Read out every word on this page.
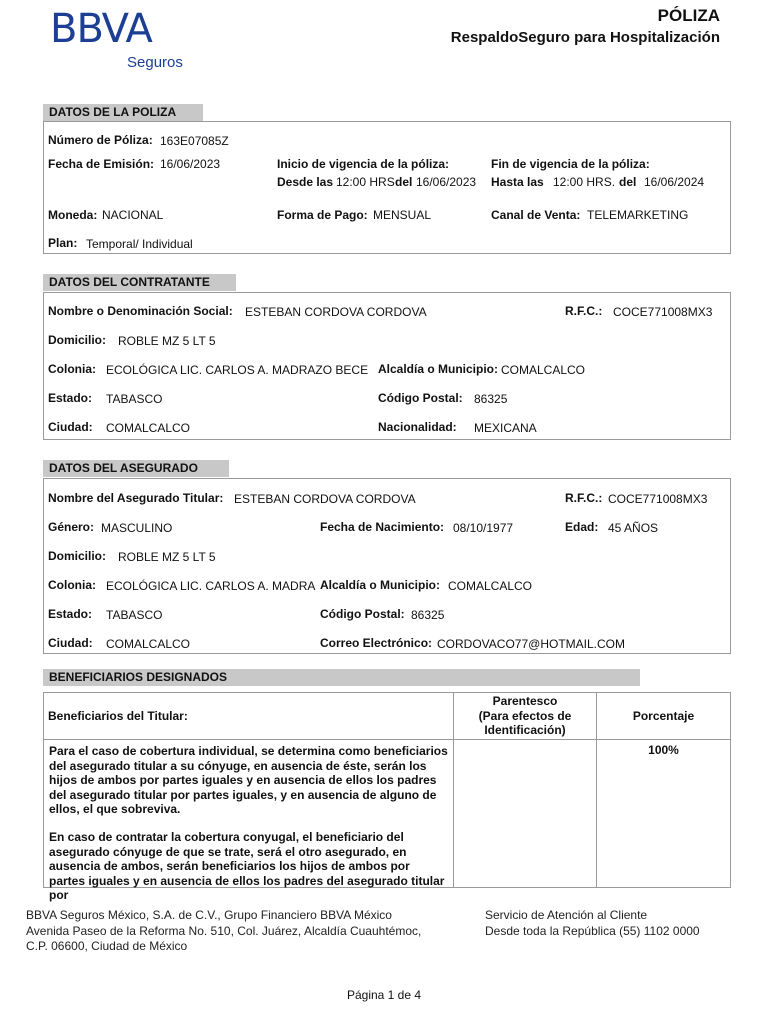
BBVA
Seguros
PÓLIZA
RespaldoSeguro para Hospitalización
DATOS DE LA POLIZA
Número de Póliza: 163E07085Z
Fecha de Emisión: 16/06/2023	Inicio de vigencia de la póliza:
Desde las 12:00 HRS del 16/06/2023
Fin de vigencia de la póliza:
Hasta las 12:00 HRS. del 16/06/2024
Moneda: NACIONAL	Forma de Pago: MENSUAL	Canal de Venta: TELEMARKETING
Plan: Temporal/ Individual
DATOS DEL CONTRATANTE
Nombre o Denominación Social: ESTEBAN CORDOVA CORDOVA	R.F.C.: COCE771008MX3
Domicilio: ROBLE MZ 5 LT 5
Colonia: ECOLÓGICA LIC. CARLOS A. MADRAZO BECE Alcaldía o Municipio: COMALCALCO
Estado: TABASCO	Código Postal: 86325
Ciudad: COMALCALCO	Nacionalidad: MEXICANA
DATOS DEL ASEGURADO
Nombre del Asegurado Titular: ESTEBAN CORDOVA CORDOVA	R.F.C.: COCE771008MX3
Género: MASCULINO	Fecha de Nacimiento: 08/10/1977	Edad: 45 AÑOS
Domicilio: ROBLE MZ 5 LT 5
Colonia: ECOLÓGICA LIC. CARLOS A. MADRA Alcaldía o Municipio: COMALCALCO
Estado: TABASCO	Código Postal: 86325
Ciudad: COMALCALCO	Correo Electrónico: CORDOVACO77@HOTMAIL.COM
BENEFICIARIOS DESIGNADOS
Beneficiarios del Titular:	Parentesco
(Para efectos de
Identificación)	Porcentaje

Para el caso de cobertura individual, se determina como beneficiarios del asegurado titular a su cónyuge, en ausencia de éste, serán los hijos de ambos por partes iguales y en ausencia de ellos los padres del asegurado titular por partes iguales, y en ausencia de alguno de ellos, el que sobreviva.
En caso de contratar la cobertura conyugal, el beneficiario del asegurado cónyuge de que se trate, será el otro asegurado, en ausencia de ambos, serán beneficiarios los hijos de ambos por partes iguales y en ausencia de ellos los padres del asegurado titular por		100%
BBVA Seguros México, S.A. de C.V., Grupo Financiero BBVA México
Avenida Paseo de la Reforma No. 510, Col. Juárez, Alcaldía Cuauhtémoc,
C.P. 06600, Ciudad de México
Servicio de Atención al Cliente
Desde toda la República (55) 1102 0000
Página 1 de 4
